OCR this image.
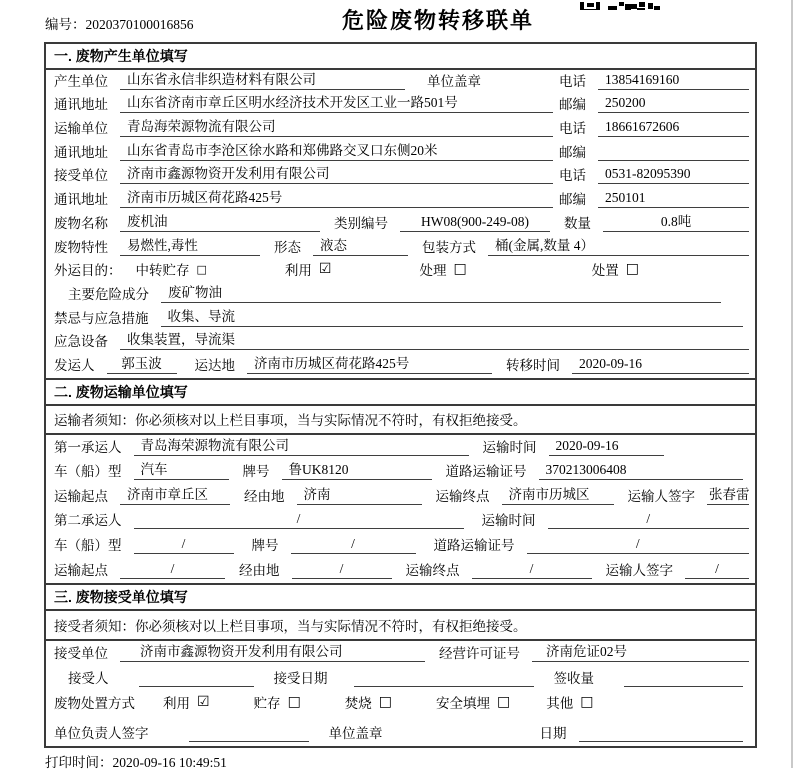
编号：2020370100016856	危险废物转移联单
一. 废物产生单位填写
产生单位	山东省永信非织造材料有限公司	单位盖章	电话	13854169160
通讯地址	山东省济南市章丘区明水经济技术开发区工业一路501号	邮编	250200
运输单位	青岛海荣源物流有限公司	电话	18661672606
通讯地址	山东省青岛市李沧区徐水路和郑佛路交叉口东侧20米	邮编
接受单位	济南市鑫源物资开发利用有限公司	电话	0531-82095390
通讯地址	济南市历城区荷花路425号	邮编	250101
废物名称	废机油	类别编号	HW08(900-249-08)	数量	0.8吨
废物特性	易燃性,毒性	形态	液态	包装方式	桶(金属,数量 4）
外运目的： 中转贮存 □	利用 ☑	处理 □	处置 □
主要危险成分	废矿物油
禁忌与应急措施	收集、导流
应急设备	收集装置，导流渠
发运人	郭玉波	运达地	济南市历城区荷花路425号	转移时间	2020-09-16
二. 废物运输单位填写
运输者须知：你必须核对以上栏目事项，当与实际情况不符时，有权拒绝接受。
第一承运人	青岛海荣源物流有限公司	运输时间	2020-09-16
车（船）型	汽车	牌号	鲁UK8120	道路运输证号	370213006408
运输起点	济南市章丘区	经由地	济南	运输终点	济南市历城区	运输人签字 张春雷
第二承运人	/	运输时间	/
车（船）型	/	牌号	/	道路运输证号	/
运输起点	/	经由地	/	运输终点	/	运输人签字	/
三. 废物接受单位填写
接受者须知：你必须核对以上栏目事项，当与实际情况不符时，有权拒绝接受。
接受单位	济南市鑫源物资开发利用有限公司	经营许可证号	济南危证02号
接受人	接受日期	签收量
废物处置方式 利用 ☑	贮存 □	焚烧 □	安全填埋 □	其他 □
单位负责人签字	单位盖章	日期
打印时间：2020-09-16 10:49:51
